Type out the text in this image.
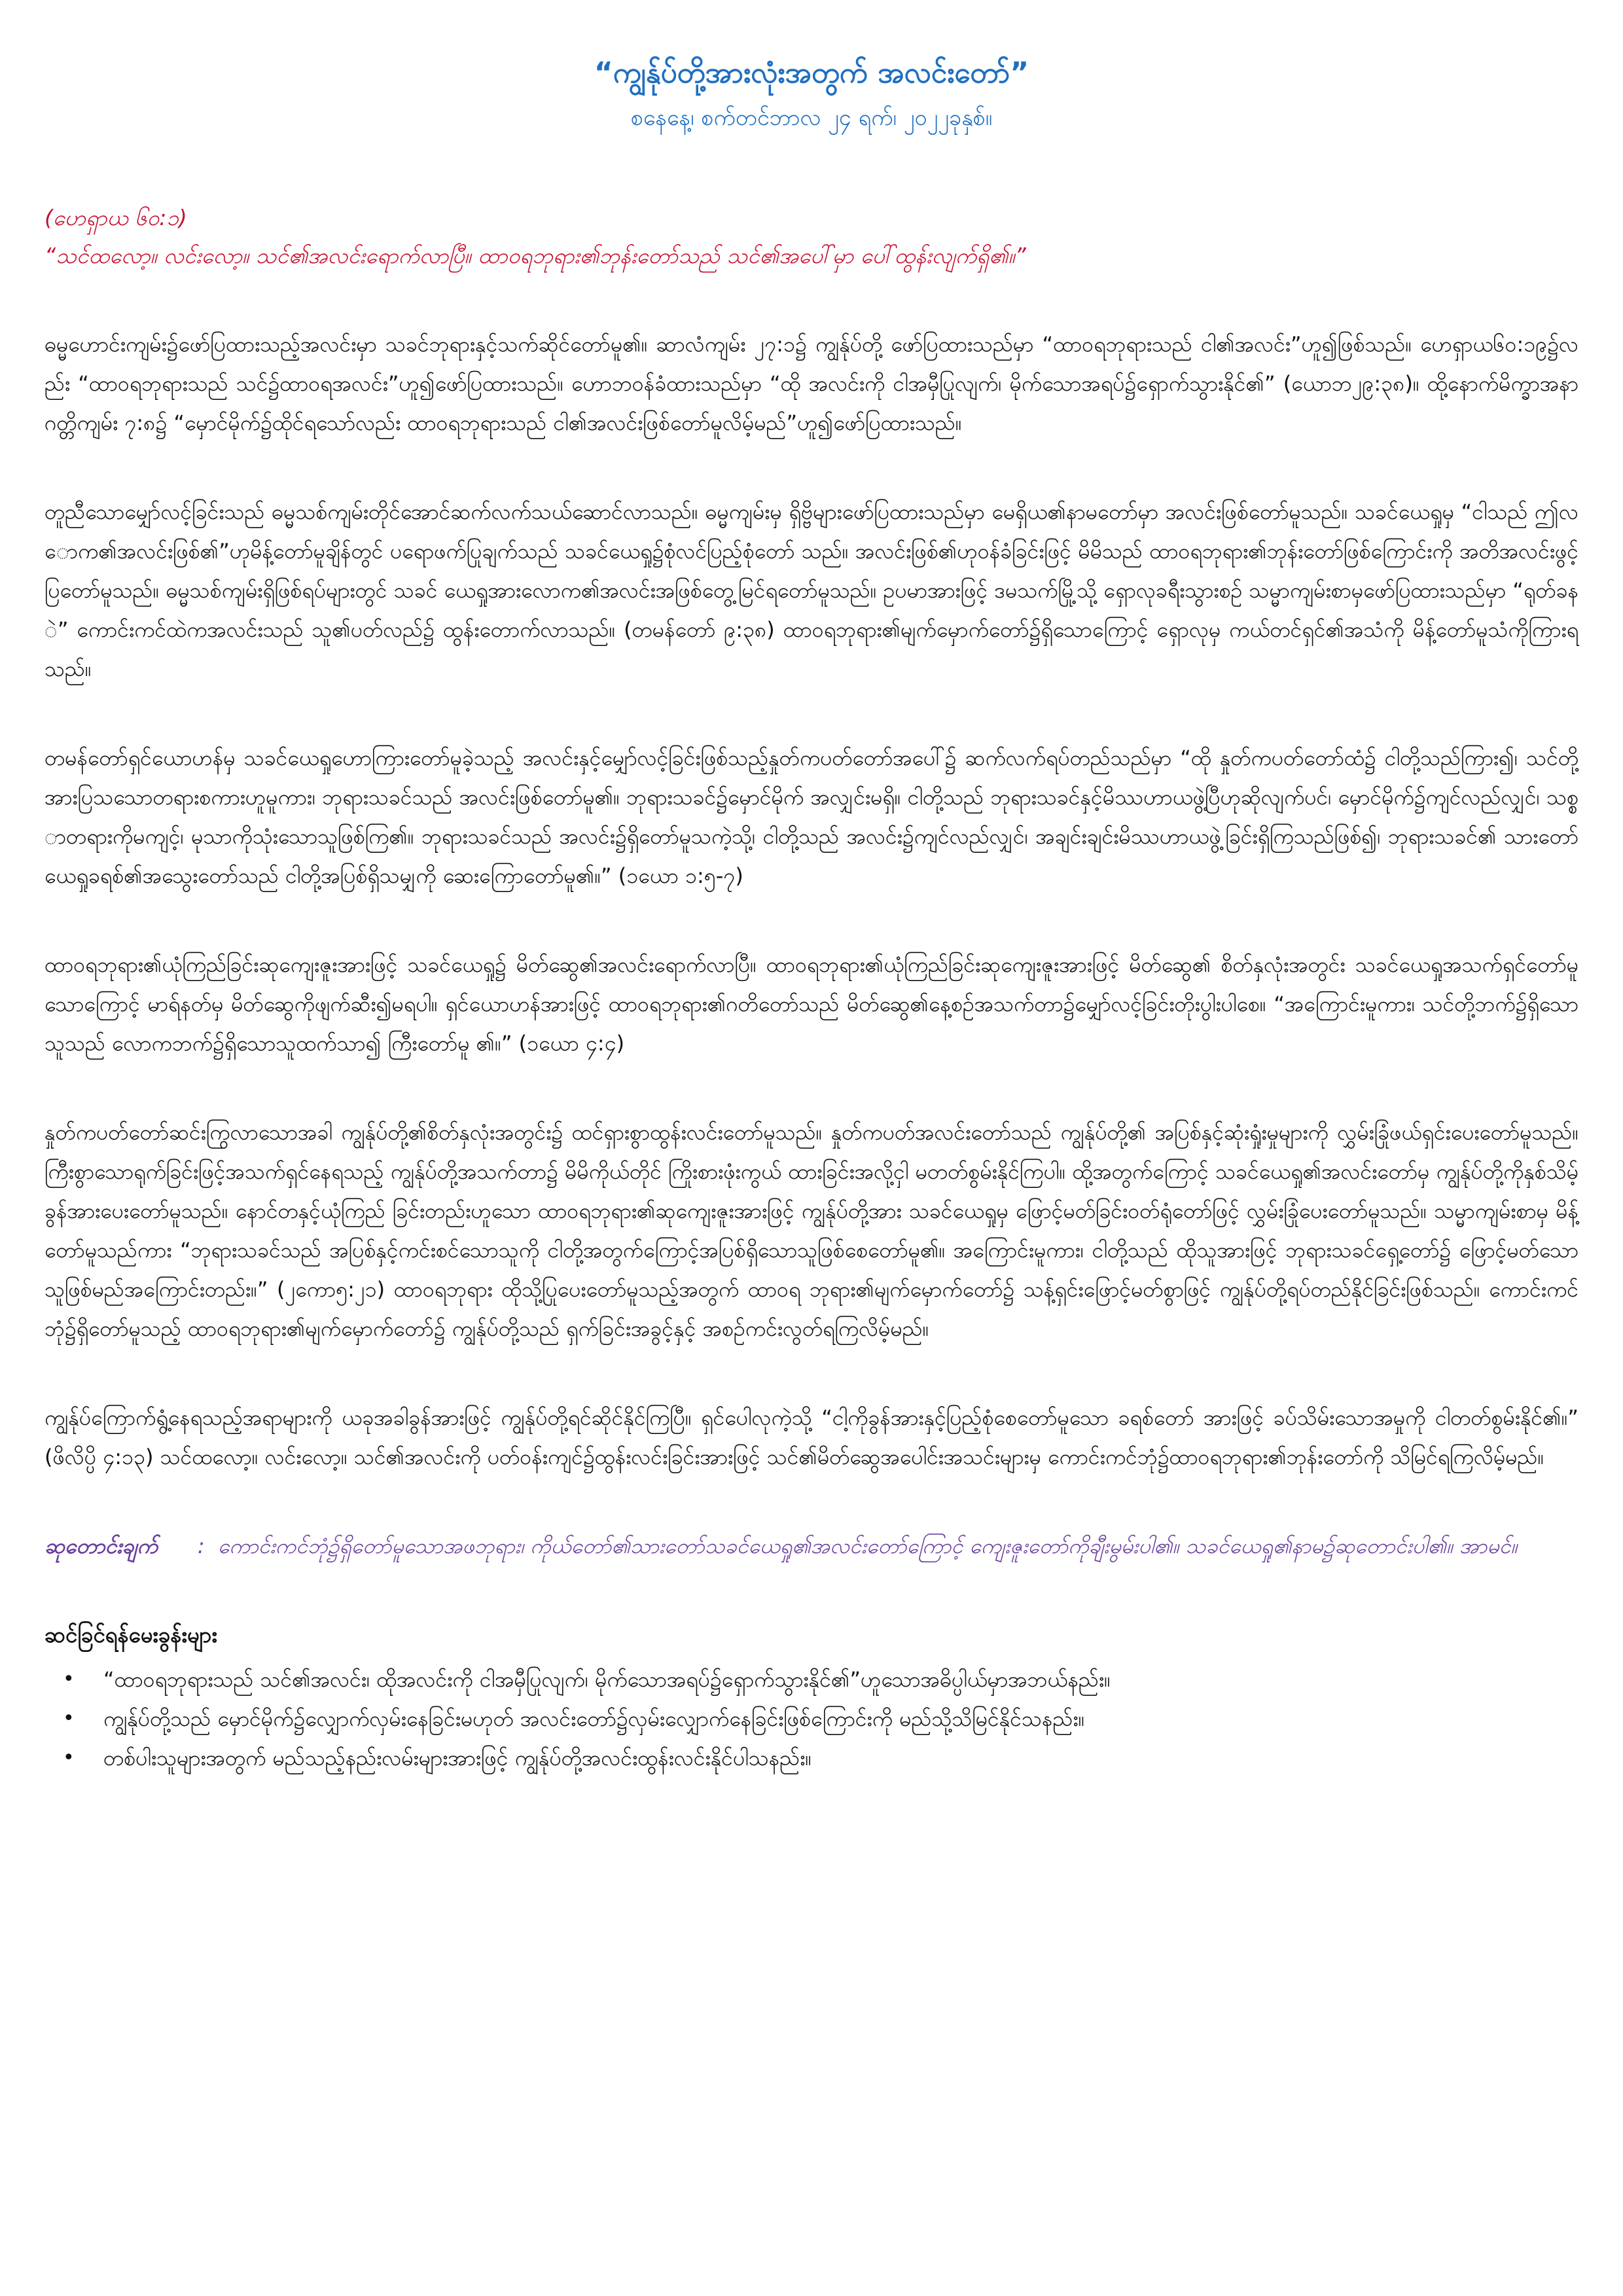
“ကျွန်ုပ်တို့အားလုံးအတွက် အလင်းတော်”
စနေနေ့၊ စက်တင်ဘာလ ၂၄ ရက်၊ ၂၀၂၂ခုနှစ်။
(ဟေရှာယ ၆၀:၁)
“သင်ထလော့။ လင်းလော့။ သင်၏အလင်းရောက်လာပြီ။ ထာဝရဘုရား၏ဘုန်းတော်သည် သင်၏အပေါ်မှာ ပေါ်ထွန်းလျက်ရှိ၏။”

ဓမ္မဟောင်းကျမ်း၌ဖော်ပြထားသည့်အလင်းမှာ သခင်ဘုရားနှင့်သက်ဆိုင်တော်မူ၏။ ဆာလံကျမ်း ၂၇:၁၌ ကျွန်ုပ်တို့ ဖော်ပြထားသည်မှာ “ထာဝရဘုရားသည် ငါ၏အလင်း”ဟူ၍ဖြစ်သည်။ ဟေရှာယ၆၀:၁၉၌လည်း “ထာဝရဘုရားသည် သင်၌ထာဝရအလင်း”ဟူ၍ဖော်ပြထားသည်။ ဟောဘဝန်ခံထားသည်မှာ “ထို အလင်းကို ငါအမှီပြုလျက်၊ မိုက်သောအရပ်၌ရှောက်သွားနိုင်၏” (ယောဘ၂၉:၃၈)။ ထို့နောက်မိက္ခာအနာဂတ္တိကျမ်း ၇:၈၌ “မှောင်မိုက်၌ထိုင်ရသော်လည်း ထာဝရဘုရားသည် ငါ၏အလင်းဖြစ်တော်မူလိမ့်မည်”ဟူ၍ဖော်ပြထားသည်။

တူညီသောမျှော်လင့်ခြင်းသည် ဓမ္မသစ်ကျမ်းတိုင်အောင်ဆက်လက်သယ်ဆောင်လာသည်။ ဓမ္မကျမ်းမှ ရှိဗ္ဗိများဖော်ပြထားသည်မှာ မေရှိယ၏နာမတော်မှာ အလင်းဖြစ်တော်မူသည်။ သခင်ယေရှုမှ “ငါသည် ဤလောက၏အလင်းဖြစ်၏”ဟုမိန့်တော်မူချိန်တွင် ပရောဖက်ပြုချက်သည် သခင်ယေရှု၌စုံလင်ပြည့်စုံတော် သည်။ အလင်းဖြစ်၏ဟုဝန်ခံခြင်းဖြင့် မိမိသည် ထာဝရဘုရား၏ဘုန်းတော်ဖြစ်ကြောင်းကို အတိအလင်းဖွင့်ပြတော်မူသည်။ ဓမ္မသစ်ကျမ်းရှိဖြစ်ရပ်များတွင် သခင် ယေရှုအားလောက၏အလင်းအဖြစ်တွေ့မြင်ရတော်မူသည်။ ဥပမာအားဖြင့် ဒမသက်မြို့သို့ ရှောလုခရီးသွားစဉ် သမ္မာကျမ်းစာမှဖော်ပြထားသည်မှာ “ရုတ်ခနဲ” ကောင်းကင်ထဲကအလင်းသည် သူ၏ပတ်လည်၌ ထွန်းတောက်လာသည်။ (တမန်တော် ၉:၃၈) ထာဝရဘုရား၏မျက်မှောက်တော်၌ရှိသောကြောင့် ရှောလုမှ ကယ်တင်ရှင်၏အသံကို မိန့်တော်မူသံကိုကြားရသည်။

တမန်တော်ရှင်ယောဟန်မှ သခင်ယေရှုဟောကြားတော်မူခဲ့သည့် အလင်းနှင့်မျှော်လင့်ခြင်းဖြစ်သည့်နှုတ်ကပတ်တော်အပေါ်၌ ဆက်လက်ရပ်တည်သည်မှာ “ထို နှုတ်ကပတ်တော်ထံ၌ ငါတို့သည်ကြား၍၊ သင်တို့အားပြသသောတရားစကားဟူမူကား၊ ဘုရားသခင်သည် အလင်းဖြစ်တော်မူ၏။ ဘုရားသခင်၌မှောင်မိုက် အလျှင်းမရှိ။ ငါတို့သည် ဘုရားသခင်နှင့်မိဿဟာယဖွဲ့ပြီဟုဆိုလျက်ပင်၊ မှောင်မိုက်၌ကျင်လည်လျှင်၊ သစ္စာတရားကိုမကျင့်၊ မုသာကိုသုံးသောသူဖြစ်ကြ၏။ ဘုရားသခင်သည် အလင်း၌ရှိတော်မူသကဲ့သို့၊ ငါတို့သည် အလင်း၌ကျင်လည်လျှင်၊ အချင်းချင်းမိဿဟာယဖွဲ့ခြင်းရှိကြသည်ဖြစ်၍၊ ဘုရားသခင်၏ သားတော် ယေရှုခရစ်၏အသွေးတော်သည် ငါတို့အပြစ်ရှိသမျှကို ဆေးကြောတော်မူ၏။” (၁ယော ၁:၅-၇)

ထာဝရဘုရား၏ယုံကြည်ခြင်းဆုကျေးဇူးအားဖြင့် သခင်ယေရှု၌ မိတ်ဆွေ၏အလင်းရောက်လာပြီ။ ထာဝရဘုရား၏ယုံကြည်ခြင်းဆုကျေးဇူးအားဖြင့် မိတ်ဆွေ၏ စိတ်နှလုံးအတွင်း သခင်ယေရှုအသက်ရှင်တော်မူသောကြောင့် မာရ်နတ်မှ မိတ်ဆွေကိုဖျက်ဆီး၍မရပါ။ ရှင်ယောဟန်အားဖြင့် ထာဝရဘုရား၏ဂတိတော်သည် မိတ်ဆွေ၏နေ့စဉ်အသက်တာ၌မျှော်လင့်ခြင်းတိုးပွါးပါစေ။ “အကြောင်းမူကား၊ သင်တို့ဘက်၌ရှိသောသူသည် လောကဘက်၌ရှိသောသူထက်သာ၍ ကြီးတော်မူ ၏။” (၁ယော ၄:၄)

နှုတ်ကပတ်တော်ဆင်းကြွလာသောအခါ ကျွန်ုပ်တို့၏စိတ်နှလုံးအတွင်း၌ ထင်ရှားစွာထွန်းလင်းတော်မူသည်။ နှုတ်ကပတ်အလင်းတော်သည် ကျွန်ုပ်တို့၏ အပြစ်နှင့်ဆုံးရှုံးမှုများကို လွှမ်းခြုံဖယ်ရှင်းပေးတော်မူသည်။ ကြီးစွာသောရုက်ခြင်းဖြင့်အသက်ရှင်နေရသည့် ကျွန်ုပ်တို့အသက်တာ၌ မိမိကိုယ်တိုင် ကြိုးစားဖုံးကွယ် ထားခြင်းအလို့ငှါ မတတ်စွမ်းနိုင်ကြပါ။ ထို့အတွက်ကြောင့် သခင်ယေရှု၏အလင်းတော်မှ ကျွန်ုပ်တို့ကိုနှစ်သိမ့်ခွန်အားပေးတော်မူသည်။ နောင်တနှင့်ယုံကြည် ခြင်းတည်းဟူသော ထာဝရဘုရား၏ဆုကျေးဇူးအားဖြင့် ကျွန်ုပ်တို့အား သခင်ယေရှုမှ ဖြောင့်မတ်ခြင်းဝတ်ရုံတော်ဖြင့် လွှမ်းခြုံပေးတော်မူသည်။ သမ္မာကျမ်းစာမှ မိန့်တော်မူသည်ကား “ဘုရားသခင်သည် အပြစ်နှင့်ကင်းစင်သောသူကို ငါတို့အတွက်ကြောင့်အပြစ်ရှိသောသူဖြစ်စေတော်မူ၏။ အကြောင်းမူကား၊ ငါတို့သည် ထိုသူအားဖြင့် ဘုရားသခင်ရှေ့တော်၌ ဖြောင့်မတ်သောသူဖြစ်မည်အကြောင်းတည်း။” (၂ကော၅:၂၁) ထာဝရဘုရား ထိုသို့ပြုပေးတော်မူသည့်အတွက် ထာဝရ ဘုရား၏မျက်မှောက်တော်၌ သန့်ရှင်းဖြောင့်မတ်စွာဖြင့် ကျွန်ုပ်တို့ရပ်တည်နိုင်ခြင်းဖြစ်သည်။ ကောင်းကင်ဘုံ၌ရှိတော်မူသည့် ထာဝရဘုရား၏မျက်မှောက်တော်၌ ကျွန်ုပ်တို့သည် ရှက်ခြင်းအခွင့်နှင့် အစဉ်ကင်းလွတ်ရကြလိမ့်မည်။

ကျွန်ုပ်ကြောက်ရွံ့နေရသည့်အရာများကို ယခုအခါခွန်အားဖြင့် ကျွန်ုပ်တို့ရင်ဆိုင်နိုင်ကြပြီ။ ရှင်ပေါလုကဲ့သို့ “ငါ့ကိုခွန်အားနှင့်ပြည့်စုံစေတော်မူသော ခရစ်တော် အားဖြင့် ခပ်သိမ်းသောအမှုကို ငါတတ်စွမ်းနိုင်၏။” (ဖိလိပ္ပိ ၄:၁၃) သင်ထလော့။ လင်းလော့။ သင်၏အလင်းကို ပတ်ဝန်းကျင်၌ထွန်းလင်းခြင်းအားဖြင့် သင်၏မိတ်ဆွေအပေါင်းအသင်းများမှ ကောင်းကင်ဘုံ၌ထာဝရဘုရား၏ဘုန်းတော်ကို သိမြင်ရကြလိမ့်မည်။

ဆုတောင်းချက် : ကောင်းကင်ဘုံ၌ရှိတော်မူသောအဖဘုရား၊ ကိုယ်တော်၏သားတော်သခင်ယေရှု၏အလင်းတော်ကြောင့် ကျေးဇူးတော်ကိုချီးမွမ်းပါ၏။ သခင်ယေရှု၏နာမ၌ဆုတောင်းပါ၏။ အာမင်။
ဆင်ခြင်ရန်မေးခွန်းများ
• “ထာဝရဘုရားသည် သင်၏အလင်း၊ ထိုအလင်းကို ငါအမှီပြုလျက်၊ မိုက်သောအရပ်၌ရှောက်သွားနိုင်၏”ဟူသောအဓိပ္ပါယ်မှာအဘယ်နည်း။
• ကျွန်ုပ်တို့သည် မှောင်မိုက်၌လျှောက်လှမ်းနေခြင်းမဟုတ် အလင်းတော်၌လှမ်းလျှောက်နေခြင်းဖြစ်ကြောင်းကို မည်သို့သိမြင်နိုင်သနည်း။
• တစ်ပါးသူများအတွက် မည်သည့်နည်းလမ်းများအားဖြင့် ကျွန်ုပ်တို့အလင်းထွန်းလင်းနိုင်ပါသနည်း။
